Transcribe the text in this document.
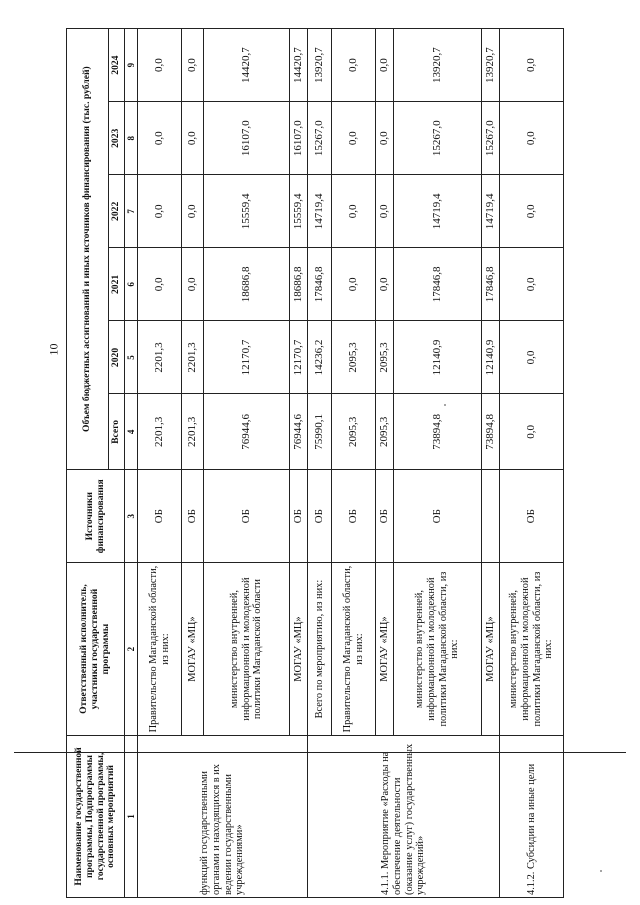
10
Наименование государственной программы, Подпрограммы государственной программы, основных мероприятий	Ответственный исполнитель, участники государственной программы	Источники финансирования	Объем бюджетных ассигнований и иных источников финансирования (тыс. рублей)					
			Всего	2020	2021	2022	2023	2024

1	2	3	4	5	6	7	8	9
функций государственными органами и находящихся в их ведении государственными учреждениями»	Правительство Магаданской области, из них:	ОБ	2201,3	2201,3	0,0	0,0	0,0	0,0
	МОГАУ «МЦ»	ОБ	2201,3	2201,3	0,0	0,0	0,0	0,0
	министерство внутренней, информационной и молодежной политики Магаданской области	ОБ	76944,6	12170,7	18686,8	15559,4	16107,0	14420,7
	МОГАУ «МЦ»	ОБ	76944,6	12170,7	18686,8	15559,4	16107,0	14420,7
4.1.1. Мероприятие «Расходы на обеспечение деятельности (оказание услуг) государственных учреждений»	Всего по мероприятию, из них:	ОБ	75990,1	14236,2	17846,8	14719,4	15267,0	13920,7
	Правительство Магаданской области, из них:	ОБ	2095,3	2095,3	0,0	0,0	0,0	0,0
	МОГАУ «МЦ»	ОБ	2095,3	2095,3	0,0	0,0	0,0	0,0
	министерство внутренней, информационной и молодежной политики Магаданской области, из них:	ОБ	73894,8	12140,9	17846,8	14719,4	15267,0	13920,7
	МОГАУ «МЦ»		73894,8	12140,9	17846,8	14719,4	15267,0	13920,7
4.1.2. Субсидии на иные цели	министерство внутренней, информационной и молодежной политики Магаданской области, из них:	ОБ	0,0	0,0	0,0	0,0	0,0	0,0
